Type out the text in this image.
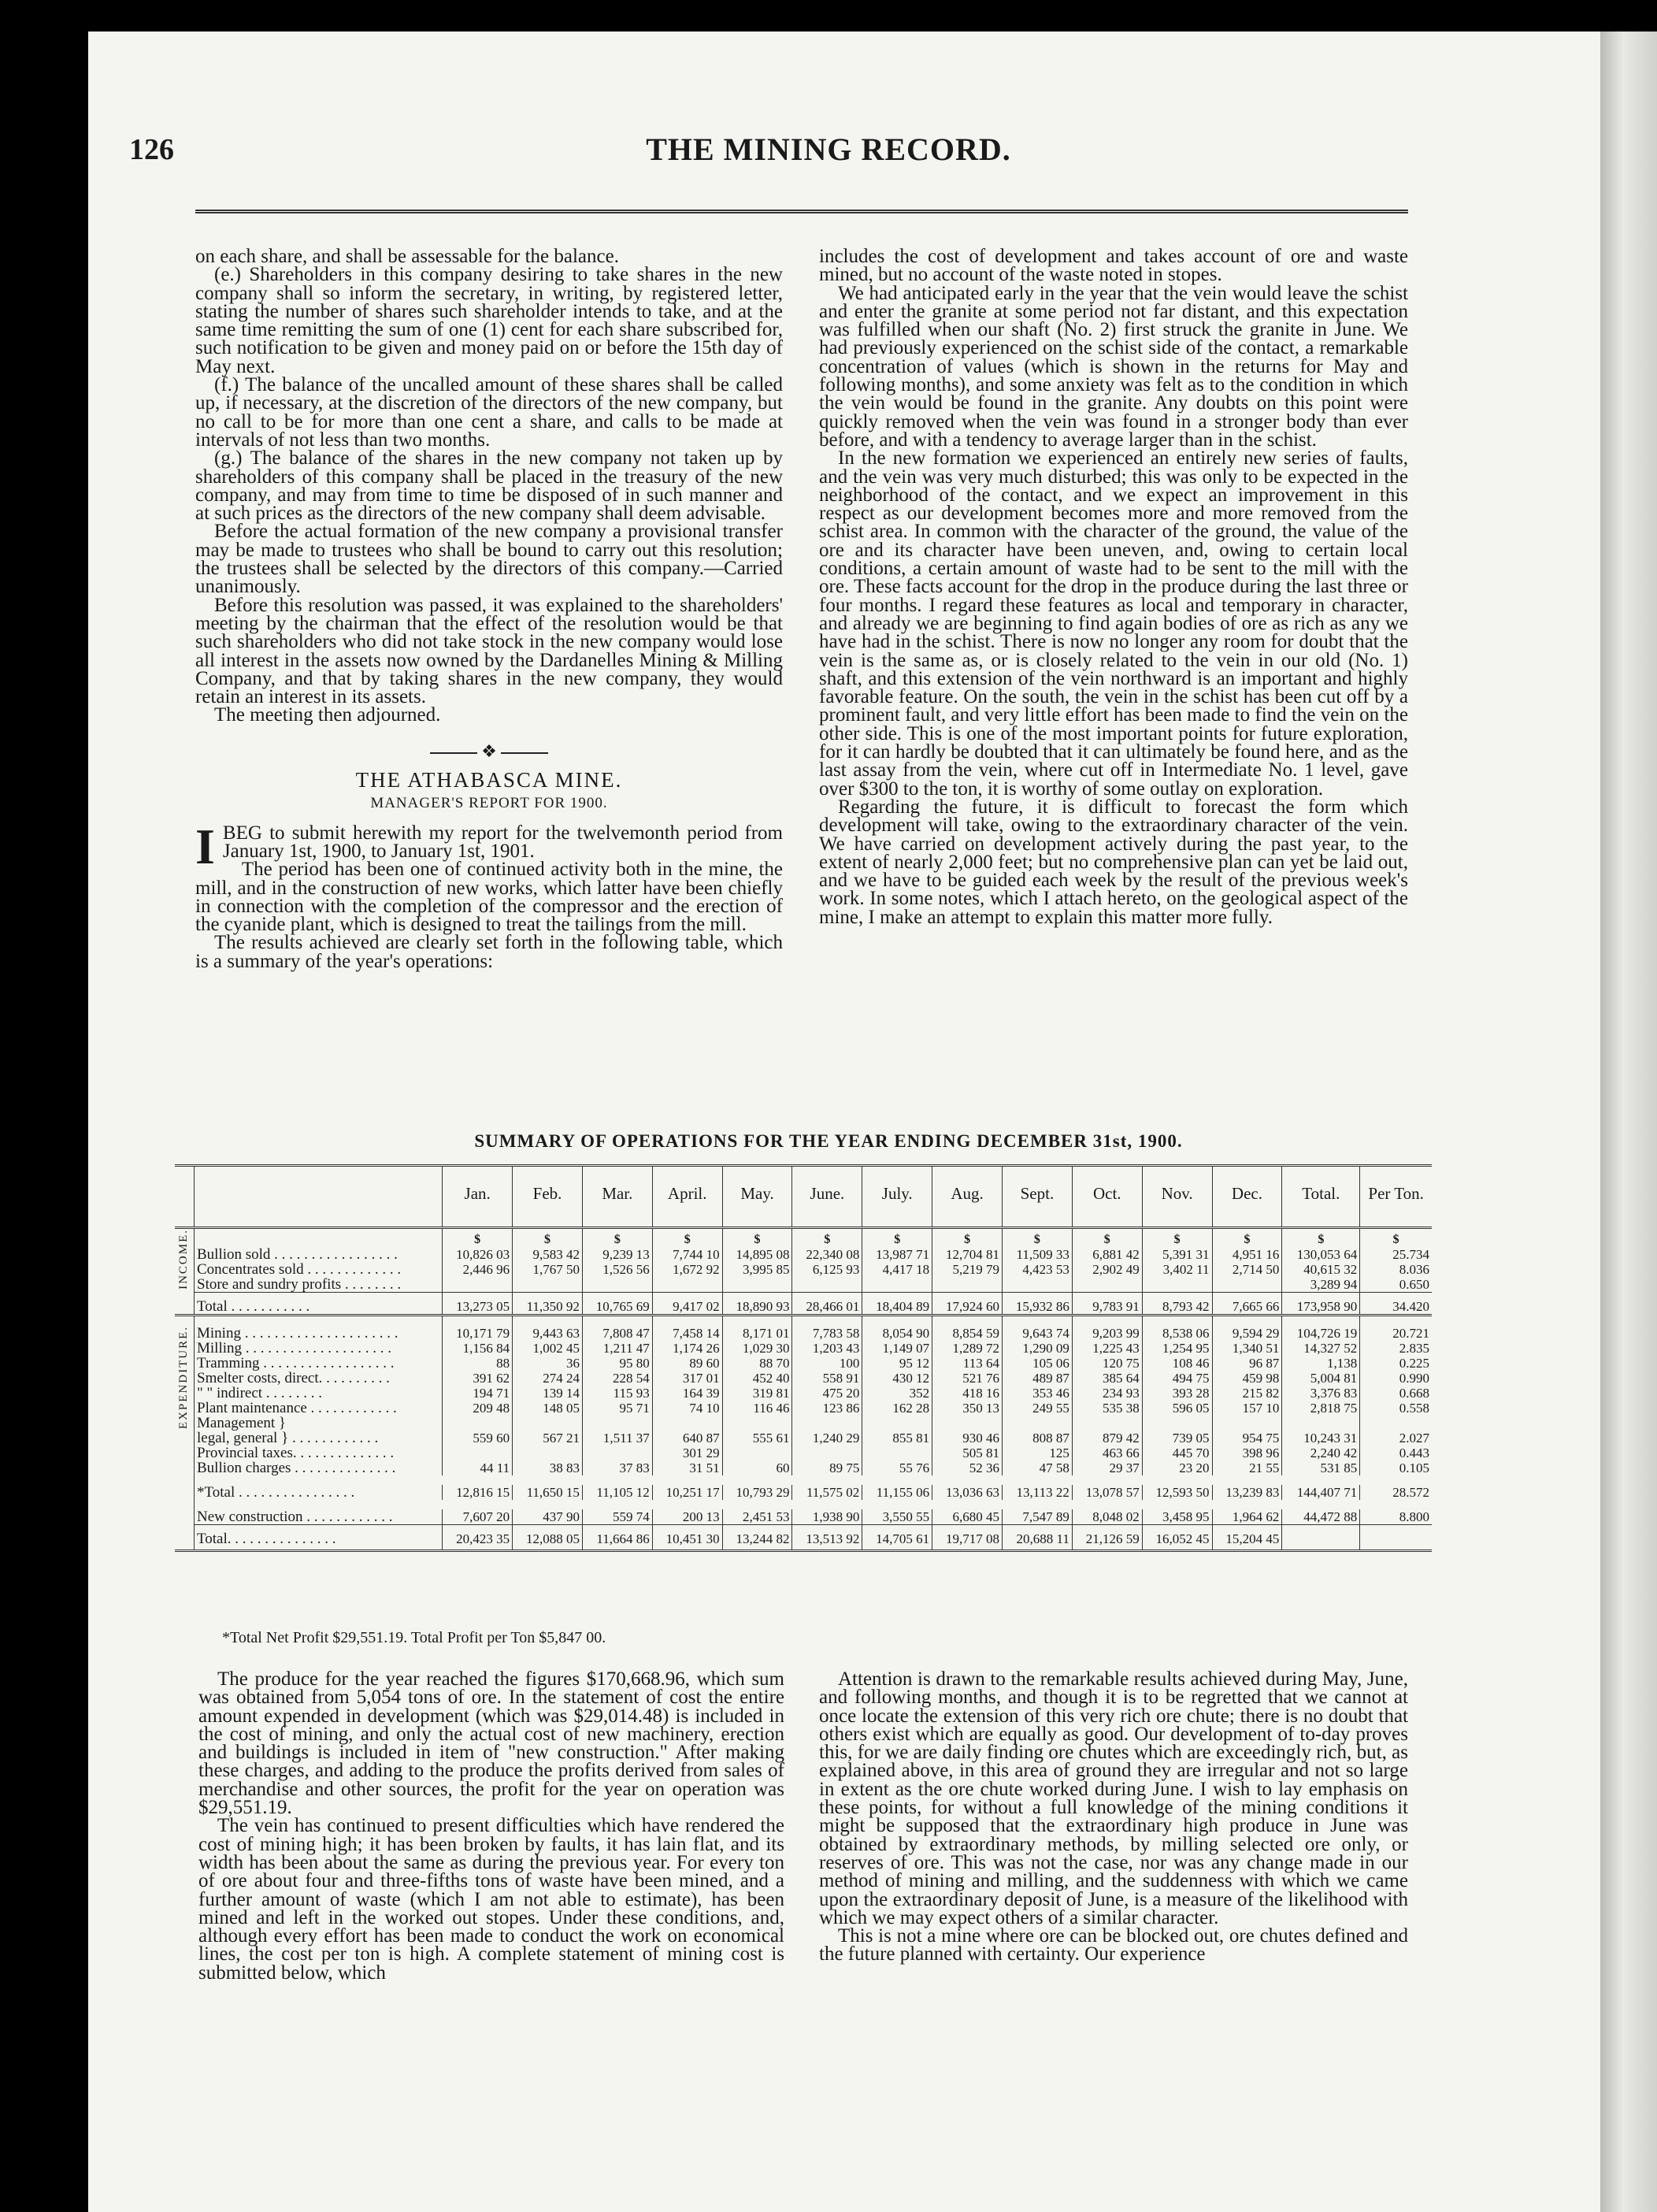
126	THE MINING RECORD.

on each share, and shall be assessable for the balance.

(e.) Shareholders in this company desiring to take shares in the new company shall so inform the secretary, in writing, by registered letter, stating the number of shares such shareholder intends to take, and at the same time remitting the sum of one (1) cent for each share subscribed for, such notification to be given and money paid on or before the 15th day of May next.

(f.) The balance of the uncalled amount of these shares shall be called up, if necessary, at the discretion of the directors of the new company, but no call to be for more than one cent a share, and calls to be made at intervals of not less than two months.

(g.) The balance of the shares in the new company not taken up by shareholders of this company shall be placed in the treasury of the new company, and may from time to time be disposed of in such manner and at such prices as the directors of the new company shall deem advisable.

Before the actual formation of the new company a provisional transfer may be made to trustees who shall be bound to carry out this resolution; the trustees shall be selected by the directors of this company.—Carried unanimously.

Before this resolution was passed, it was explained to the shareholders' meeting by the chairman that the effect of the resolution would be that such shareholders who did not take stock in the new company would lose all interest in the assets now owned by the Dardanelles Mining & Milling Company, and that by taking shares in the new company, they would retain an interest in its assets.

The meeting then adjourned.

❖
THE ATHABASCA MINE.
MANAGER'S REPORT FOR 1900.

IBEG to submit herewith my report for the twelvemonth period from January 1st, 1900, to January 1st, 1901.

The period has been one of continued activity both in the mine, the mill, and in the construction of new works, which latter have been chiefly in connection with the completion of the compressor and the erection of the cyanide plant, which is designed to treat the tailings from the mill.

The results achieved are clearly set forth in the following table, which is a summary of the year's operations:

includes the cost of development and takes account of ore and waste mined, but no account of the waste noted in stopes.

We had anticipated early in the year that the vein would leave the schist and enter the granite at some period not far distant, and this expectation was fulfilled when our shaft (No. 2) first struck the granite in June. We had previously experienced on the schist side of the contact, a remarkable concentration of values (which is shown in the returns for May and following months), and some anxiety was felt as to the condition in which the vein would be found in the granite. Any doubts on this point were quickly removed when the vein was found in a stronger body than ever before, and with a tendency to average larger than in the schist.

In the new formation we experienced an entirely new series of faults, and the vein was very much disturbed; this was only to be expected in the neighborhood of the contact, and we expect an improvement in this respect as our development becomes more and more removed from the schist area. In common with the character of the ground, the value of the ore and its character have been uneven, and, owing to certain local conditions, a certain amount of waste had to be sent to the mill with the ore. These facts account for the drop in the produce during the last three or four months. I regard these features as local and temporary in character, and already we are beginning to find again bodies of ore as rich as any we have had in the schist. There is now no longer any room for doubt that the vein is the same as, or is closely related to the vein in our old (No. 1) shaft, and this extension of the vein northward is an important and highly favorable feature. On the south, the vein in the schist has been cut off by a prominent fault, and very little effort has been made to find the vein on the other side. This is one of the most important points for future exploration, for it can hardly be doubted that it can ultimately be found here, and as the last assay from the vein, where cut off in Intermediate No. 1 level, gave over $300 to the ton, it is worthy of some outlay on exploration.

Regarding the future, it is difficult to forecast the form which development will take, owing to the extraordinary character of the vein. We have carried on development actively during the past year, to the extent of nearly 2,000 feet; but no comprehensive plan can yet be laid out, and we have to be guided each week by the result of the previous week's work. In some notes, which I attach hereto, on the geological aspect of the mine, I make an attempt to explain this matter more fully.

SUMMARY OF OPERATIONS FOR THE YEAR ENDING DECEMBER 31st, 1900.
		Jan.	Feb.	Mar.	April.	May.	June.	July.	Aug.	Sept.	Oct.	Nov.	Dec.	Total.	Per Ton.

INCOME.		$	$	$	$	$	$	$	$	$	$	$	$	$	$
	Bullion sold . . . . . . . . . . . . . . . . .	10,826 03	9,583 42	9,239 13	7,744 10	14,895 08	22,340 08	13,987 71	12,704 81	11,509 33	6,881 42	5,391 31	4,951 16	130,053 64	25.734
	Concentrates sold . . . . . . . . . . . . .	2,446 96	1,767 50	1,526 56	1,672 92	3,995 85	6,125 93	4,417 18	5,219 79	4,423 53	2,902 49	3,402 11	2,714 50	40,615 32	8.036
	Store and sundry profits . . . . . . . .													3,289 94	0.650
	Total . . . . . . . . . . .	13,273 05	11,350 92	10,765 69	9,417 02	18,890 93	28,466 01	18,404 89	17,924 60	15,932 86	9,783 91	8,793 42	7,665 66	173,958 90	34.420

EXPENDITURE.	Mining . . . . . . . . . . . . . . . . . . . . .	10,171 79	9,443 63	7,808 47	7,458 14	8,171 01	7,783 58	8,054 90	8,854 59	9,643 74	9,203 99	8,538 06	9,594 29	104,726 19	20.721
	Milling . . . . . . . . . . . . . . . . . . . .	1,156 84	1,002 45	1,211 47	1,174 26	1,029 30	1,203 43	1,149 07	1,289 72	1,290 09	1,225 43	1,254 95	1,340 51	14,327 52	2.835
	Tramming . . . . . . . . . . . . . . . . . .	88	36	95 80	89 60	88 70	100	95 12	113 64	105 06	120 75	108 46	96 87	1,138	0.225
	Smelter costs, direct. . . . . . . . . .	391 62	274 24	228 54	317 01	452 40	558 91	430 12	521 76	489 87	385 64	494 75	459 98	5,004 81	0.990
	" " indirect . . . . . . . .	194 71	139 14	115 93	164 39	319 81	475 20	352	418 16	353 46	234 93	393 28	215 82	3,376 83	0.668
	Plant maintenance . . . . . . . . . . . .	209 48	148 05	95 71	74 10	116 46	123 86	162 28	350 13	249 55	535 38	596 05	157 10	2,818 75	0.558
	Management }														
	legal, general } . . . . . . . . . . . .	559 60	567 21	1,511 37	640 87	555 61	1,240 29	855 81	930 46	808 87	879 42	739 05	954 75	10,243 31	2.027
	Provincial taxes. . . . . . . . . . . . . .				301 29				505 81	125	463 66	445 70	398 96	2,240 42	0.443
	Bullion charges . . . . . . . . . . . . . .	44 11	38 83	37 83	31 51	60	89 75	55 76	52 36	47 58	29 37	23 20	21 55	531 85	0.105

	*Total . . . . . . . . . . . . . . . .	12,816 15	11,650 15	11,105 12	10,251 17	10,793 29	11,575 02	11,155 06	13,036 63	13,113 22	13,078 57	12,593 50	13,239 83	144,407 71	28.572

	New construction . . . . . . . . . . . .	7,607 20	437 90	559 74	200 13	2,451 53	1,938 90	3,550 55	6,680 45	7,547 89	8,048 02	3,458 95	1,964 62	44,472 88	8.800
	Total. . . . . . . . . . . . . . .	20,423 35	12,088 05	11,664 86	10,451 30	13,244 82	13,513 92	14,705 61	19,717 08	20,688 11	21,126 59	16,052 45	15,204 45		
*Total Net Profit $29,551.19. Total Profit per Ton $5,847 00.

The produce for the year reached the figures $170,668.96, which sum was obtained from 5,054 tons of ore. In the statement of cost the entire amount expended in development (which was $29,014.48) is included in the cost of mining, and only the actual cost of new machinery, erection and buildings is included in item of "new construction." After making these charges, and adding to the produce the profits derived from sales of merchandise and other sources, the profit for the year on operation was $29,551.19.

The vein has continued to present difficulties which have rendered the cost of mining high; it has been broken by faults, it has lain flat, and its width has been about the same as during the previous year. For every ton of ore about four and three-fifths tons of waste have been mined, and a further amount of waste (which I am not able to estimate), has been mined and left in the worked out stopes. Under these conditions, and, although every effort has been made to conduct the work on economical lines, the cost per ton is high. A complete statement of mining cost is submitted below, which

Attention is drawn to the remarkable results achieved during May, June, and following months, and though it is to be regretted that we cannot at once locate the extension of this very rich ore chute; there is no doubt that others exist which are equally as good. Our development of to-day proves this, for we are daily finding ore chutes which are exceedingly rich, but, as explained above, in this area of ground they are irregular and not so large in extent as the ore chute worked during June. I wish to lay emphasis on these points, for without a full knowledge of the mining conditions it might be supposed that the extraordinary high produce in June was obtained by extraordinary methods, by milling selected ore only, or reserves of ore. This was not the case, nor was any change made in our method of mining and milling, and the suddenness with which we came upon the extraordinary deposit of June, is a measure of the likelihood with which we may expect others of a similar character.

This is not a mine where ore can be blocked out, ore chutes defined and the future planned with certainty. Our experience
